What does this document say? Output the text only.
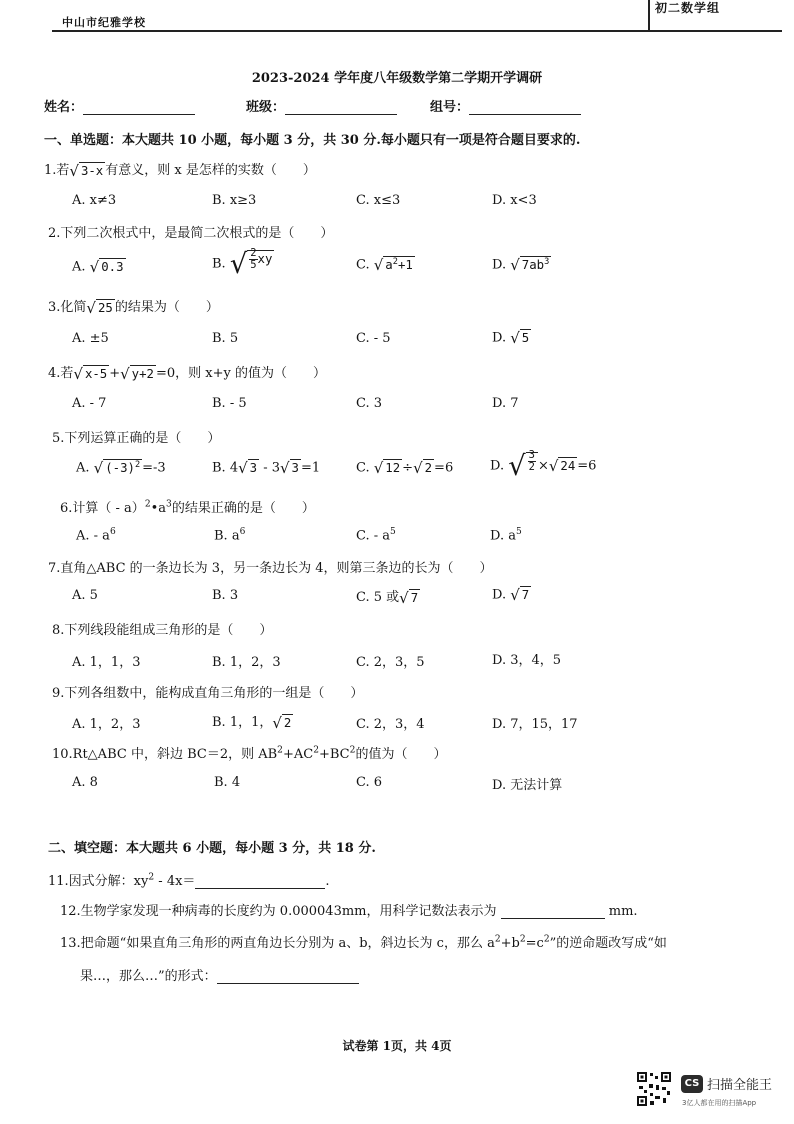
中山市纪雅学校
初二数学组
2023-2024 学年度八年级数学第二学期开学调研
姓名：	班级：	组号：
一、单选题：本大题共 10 小题，每小题 3 分，共 30 分.每小题只有一项是符合题目要求的.
1.若√ 3-x 有意义，则 x 是怎样的实数（　　）
A. x≠3	B. x≥3	C. x≤3	D. x<3
2.下列二次根式中，是最简二次根式的是（　　）
A. √ 0.3	B. √ $\frac{2}{5}$ xy	C. √ $a^2+1$	D. √ $7ab^3$
3.化简√ 25 的结果为（　　）
A. ±5	B. 5	C. - 5	D. √ 5
4.若√ x-5 +√ y+2 =0，则 x+y 的值为（　　）
A. - 7	B. - 5	C. 3	D. 7
5.下列运算正确的是（　　）
A. √ $(-3)^2 =-3$	B. 4√ 3 - 3√ 3 =1	C. √ 12 ÷√ 2 =6	D. √ $\frac{3}{2}$ ×√ 24 =6
6.计算（ - $a)^2•a^3$的结果正确的是（　　）
A. - $a^6$	B. $a^6$	C. - $a^5$	D. $a^5$
7.直角△ABC 的一条边长为 3，另一条边长为 4，则第三条边的长为（　　）
A. 5	B. 3	C. 5 或√ 7	D. √ 7
8.下列线段能组成三角形的是（　　）
A. 1，1，3	B. 1，2，3	C. 2，3，5	D. 3，4，5
9.下列各组数中，能构成直角三角形的一组是（　　）
A. 1，2，3	B. 1，1，√ 2	C. 2，3，4	D. 7，15，17
10.Rt△ABC 中，斜边 BC＝2，则 $AB^2+AC^2+BC^2$的值为（　　）
A. 8	B. 4	C. 6	D. 无法计算
二、填空题：本大题共 6 小题，每小题 3 分，共 18 分.
11.因式分解：$xy^2 - 4x=$	.
12.生物学家发现一种病毒的长度约为 0.000043mm，用科学记数法表示为	mm.
13.把命题“如果直角三角形的两直角边长分别为 a、b，斜边长为 c，那么 $a^2+b^2=c^2$”的逆命题改写成“如
果…，那么…”的形式：
试卷第 1页，共 4页
CS 扫描全能王
3亿人都在用的扫描App
